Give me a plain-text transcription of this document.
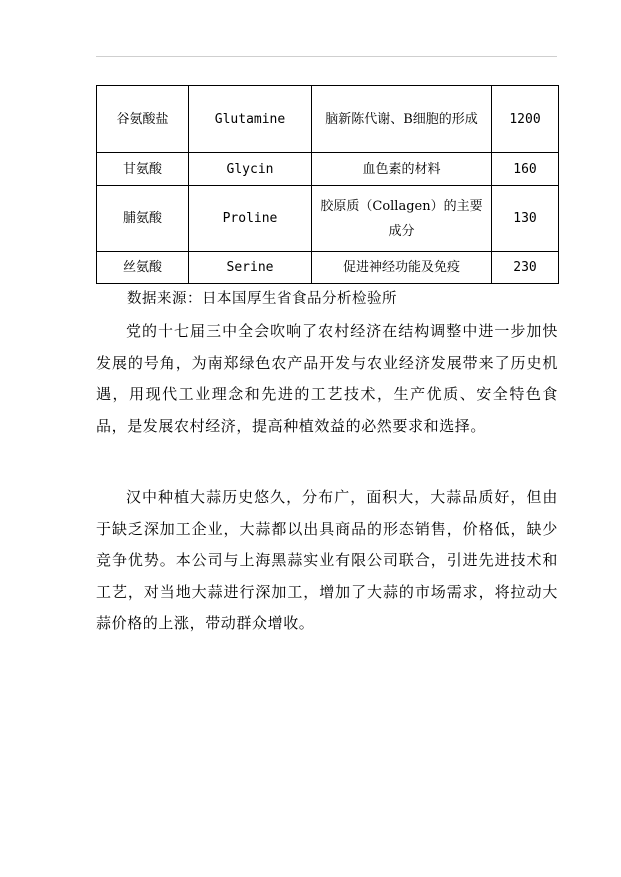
谷氨酸盐	Glutamine	脑新陈代谢、B细胞的形成	1200
甘氨酸	Glycin	血色素的材料	160
脯氨酸	Proline	胶原质（Collagen）的主要成分	130
丝氨酸	Serine	促进神经功能及免疫	230
数据来源：日本国厚生省食品分析检验所

党的十七届三中全会吹响了农村经济在结构调整中进一步加快发展的号角，为南郑绿色农产品开发与农业经济发展带来了历史机遇，用现代工业理念和先进的工艺技术，生产优质、安全特色食品，是发展农村经济，提高种植效益的必然要求和选择。

汉中种植大蒜历史悠久，分布广，面积大，大蒜品质好，但由于缺乏深加工企业，大蒜都以出具商品的形态销售，价格低，缺少竞争优势。本公司与上海黑蒜实业有限公司联合，引进先进技术和工艺，对当地大蒜进行深加工，增加了大蒜的市场需求，将拉动大蒜价格的上涨，带动群众增收。
